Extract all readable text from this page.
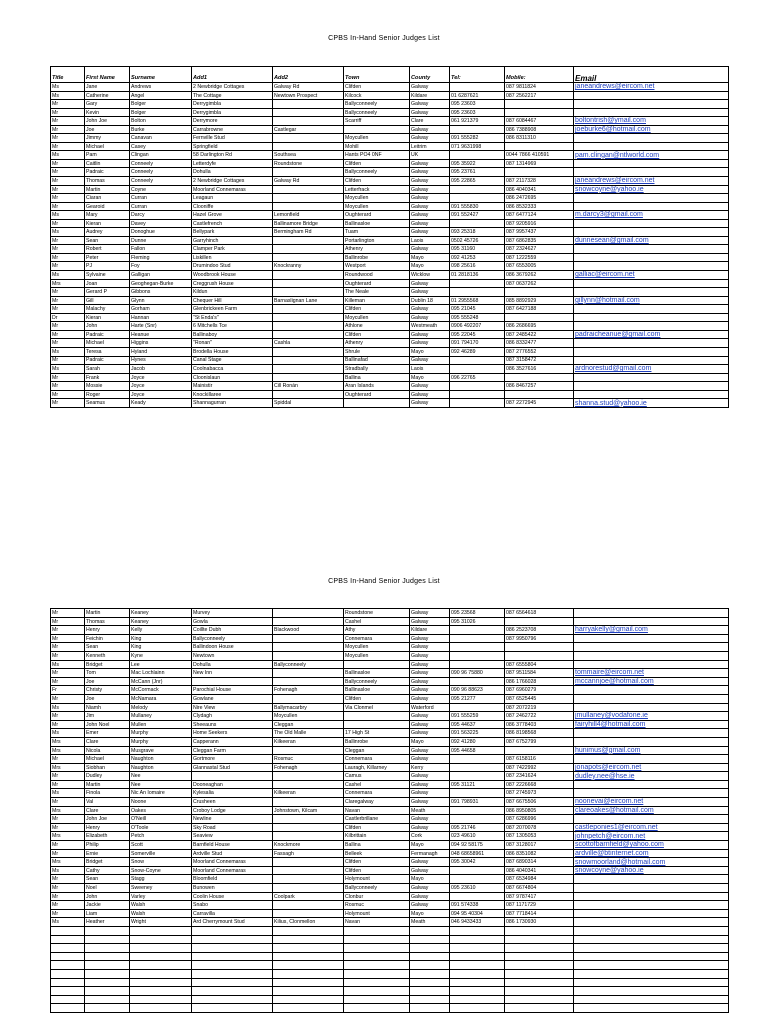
CPBS In-Hand Senior Judges List
Title	First Name	Surname	Add1	Add2	Town	County	Tel:	Mobile:	Email
Ms	Jane	Andrews	2 Newbridge Cottages	Galway Rd	Clifden	Galway		087 9811824	janeandrews@eircom.net
Ms	Catherine	Angel	The Cottage	Newtown Prospect	Kilcock	Kildare	01 6287621	087 2562217	
Mr	Gary	Bolger	Derrygimbla		Ballyconneely	Galway	095 23603		
Mr	Kevin	Bolger	Derrygimbla		Ballyconneely	Galway	095 23603		
Mr	John Joe	Bolton	Derrymore		Scarriff	Clare	061 921379	087 6084467	boltontrish@ymail.com
Mr	Joe	Burke	Carrabrowne	Castlegar		Galway		086 7388908	joeburke6@hotmail.com
Mr	Jimmy	Canavan	Fernville Stud		Moycullen	Galway	091 555282	086 8311310	
Mr	Michael	Casey	Springfield		Mohill	Leitrim	071 9631998		
Ms	Pam	Clingan	58 Darlington Rd	Southsea	Hants PO4 0NF	UK		0044 7866 410591	pam.clingan@ntlworld.com
Mr	Caitlin	Conneely	Letterdyfe	Roundstone	Clifden	Galway	095 35922	087 1314969	
Mr	Padraic	Conneely	Dohulla		Ballyconneely	Galway	095 23761		
Mr	Thomas	Conneely	2 Newbridge Cottages	Galway Rd	Clifden	Galway	095 22865	087 2117328	janeandrews@eircom.net
Mr	Martin	Coyne	Moorland Connemaras		Letterfrack	Galway		086 4040341	snowcoyne@yahoo.ie
Mr	Ciaran	Curran	Leagaun		Moycullen	Galway		086 2472695	
Mr	Gearoid	Curran	Clooniffe		Moycullen	Galway	091 555830	086 8532333	
Ms	Mary	Darcy	Hazel Grove	Lemonfield	Oughterard	Galway	091 552427	087 6477124	m.darcy3@gmail.com
Mr	Kieran	Davey	Castlefrench	Ballinamore Bridge	Ballinasloe	Galway		087 9205916	
Ms	Audrey	Donoghue	Bellypark	Bermingham Rd	Tuam	Galway	093 25318	087 9957437	
Mr	Sean	Dunne	Garryhinch		Portarlington	Laois	0502 45726	087 6862835	dunnesean@gmail.com
Mr	Robert	Fallon	Clamper Park		Athenry	Galway	095 31160	087 2324627	
Mr	Peter	Fleming	Liskillen		Ballinrobe	Mayo	092 41253	087 1222559	
Mr	PJ	Foy	Drumindoo Stud	Knockranny	Westport	Mayo	098 25616	087 6553005	
Ms	Sylvaine	Galligan	Woodbrook House		Roundwood	Wicklow	01 2818136	086 3679262	galliac@eircom.net
Mrs	Joan	Geoghegan-Burke	Creggrush House		Oughterard	Galway		087 0637262	
Mr	Gerard P	Gibbons	Kildun		The Neale	Galway			
Mr	Gill	Glynn	Chequer Hill	Barnaslignan Lane	Killeman	Dublin 18	01 2955568	085 8892929	gillynn@hotmail.com
Mr	Malachy	Gorham	Glenbrickeen Farm		Clifden	Galway	095 21045	087 6427188	
Dr	Kieran	Hannan	"St Enda's"		Moycullen	Galway	095 555248		
Mr	John	Harte (Snr)	6 Mitchells Tce		Athlone	Westmeath	0906 492207	086 2686695	
Mr	Padraic	Heanue	Ballinaboy		Clifden	Galway	095 22045	087 2485422	padraicheanue@gmail.com
Mr	Michael	Higgins	"Ronan"	Cashla	Athenry	Galway	091 794170	086 8332477	
Ms	Teresa	Hyland	Brodella House		Shrule	Mayo	092 46289	087 2776552	
Mr	Padraic	Hynes	Canal Stage		Ballinafad	Galway		087 3158472	
Ms	Sarah	Jacob	Coolnabacca		Stradbally	Laois		086 3527616	ardnorestud@gmail.com
Mr	Frank	Joyce	Cloonislaun		Ballina	Mayo	096 22765		
Mr	Mossie	Joyce	Mainistir	Cill Ronán	Aran Islands	Galway		086 8467257	
Mr	Roger	Joyce	Knockillaree		Oughterard	Galway			
Mr	Seamus	Keady	Shannagurran	Spiddal		Galway		087 2272945	shanna.stud@yahoo.ie
CPBS In-Hand Senior Judges List
Mr	Martin	Keaney	Murvey		Roundstone	Galway	095 23568	087 6564618	
Mr	Thomas	Keaney	Gowla		Cashel	Galway	095 31026		
Mr	Henry	Kelly	Coillte Dubh	Blackwood	Athy	Kildare		086 2523708	harryakelly@gmail.com
Mr	Feichin	King	Ballyconneely		Connemara	Galway		087 9950796	
Mr	Sean	King	Ballindoon House		Moycullen	Galway			
Mr	Kenneth	Kyne	Newtown		Moycullen	Galway			
Ms	Bridget	Lee	Dohulla	Ballyconneely		Galway		087 6555804	
Mr	Tom	Mac Lochlainn	New Inn		Ballinasloe	Galway	090 96 75880	087 9511584	tommaire@eircom.net
Mr	Joe	McCann (Jnr)			Ballyconneely	Galway		086 1766028	mccannjoe@hotmail.com
Fr	Christy	McCormack	Parochial House	Fohenagh	Ballinasloe	Galway	090 96 88623	087 6960279	
Mr	Joe	McNamara	Gowlane		Clifden	Galway	095 21277	087 6525445	
Ms	Niamh	Melody	Nire View	Ballymacarbry	Via Clonmel	Waterford		087 2072219	
Mr	Jim	Mullaney	Clydagh	Moycullen		Galway	091 555259	087 2462722	jmullaney@vodafone.ie
Mr	John Noel	Mullen	Sheeauns	Cleggan		Galway	095 44637	086 3778403	fairyhill4@hotmail.com
Ms	Emer	Murphy	Home Seekers	The Old Malle	17 High St	Galway	091 563225	086 8198568	
Mrs	Clare	Murphy	Capperann	Kilkeeran	Ballinrobe	Mayo	092 41280	087 6752799	
Mrs	Nicola	Musgrave	Cleggan Farm		Cleggan	Galway	095 44658		hunimus@gmail.com
Mr	Michael	Naughton	Gortmore	Rosmuc	Connemara	Galway		087 6158116	
Mrs	Siobhan	Naughton	Glannastal Stud	Fohenagh	Lauragh, Killarney	Kerry		087 7422992	jonapots@eircom.net
Mr	Dudley	Nee			Camus	Galway		087 2341624	dudley.nee@hse.ie
Mr	Martin	Nee	Dooneaghan		Cashel	Galway	095 31121	087 2226668	
Ms	Finola	Nic An Iomaire	Kylesalia	Kilkeeran	Connemara	Galway		087 2745973	
Mr	Val	Noone	Crusheen		Claregalway	Galway	091 798931	087 6675506	noonevai@eircom.net
Mrs	Clare	Oakes	Croboy Lodge	Johnstown, Kilcam	Navan	Meath		086 8950805	clareoakes@hotmail.com
Mr	John Joe	O'Neill	Newline		Castlerbrillane	Galway		087 6286996	
Mr	Henry	O'Toole	Sky Road		Clifden	Galway	095 21746	087 2070078	castleponies1@eircom.net
Mrs	Elizabeth	Petch	Seaview		Kilbrittain	Cork	023 49610	087 1305053	johnpetch@eircom.net
Mr	Philip	Scott	Barnfield House	Knockmore	Ballina	Mayo	094 92 58175	087 3128017	scottofbarnfield@yahoo.com
Mr	Ernie	Somerville	Ardville Stud	Fassagh	Belleek	Fermanagh	048 68658961	086 8351082	ardville@btinternet.com
Mrs	Bridget	Snow	Moorland Connemaras		Clifden	Galway	095 30042	087 6890314	snowmoorland@hotmail.com
Ms	Cathy	Snow-Coyne	Moorland Connemaras		Clifden	Galway		086 4040341	snowcoyne@yahoo.ie
Mr	Sean	Stagg	Bloomfield		Holymount	Mayo		087 6534984	
Mr	Noel	Sweeney	Bunowen		Ballyconneely	Galway	095 23610	087 6674804	
Mr	John	Varley	Coolin House	Coolpark	Clonbur	Galway		087 9787417	
Mr	Jackie	Walsh	Snabo		Rosmuc	Galway	091 574338	087 1171729	
Mr	Liam	Walsh	Carravilla		Holymount	Mayo	094 95 40304	087 7718414	
Ms	Heather	Wright	Ard Cherrymount Stud	Kilius, Clonmellon	Navan	Meath	046 9433433	086 1730930	
